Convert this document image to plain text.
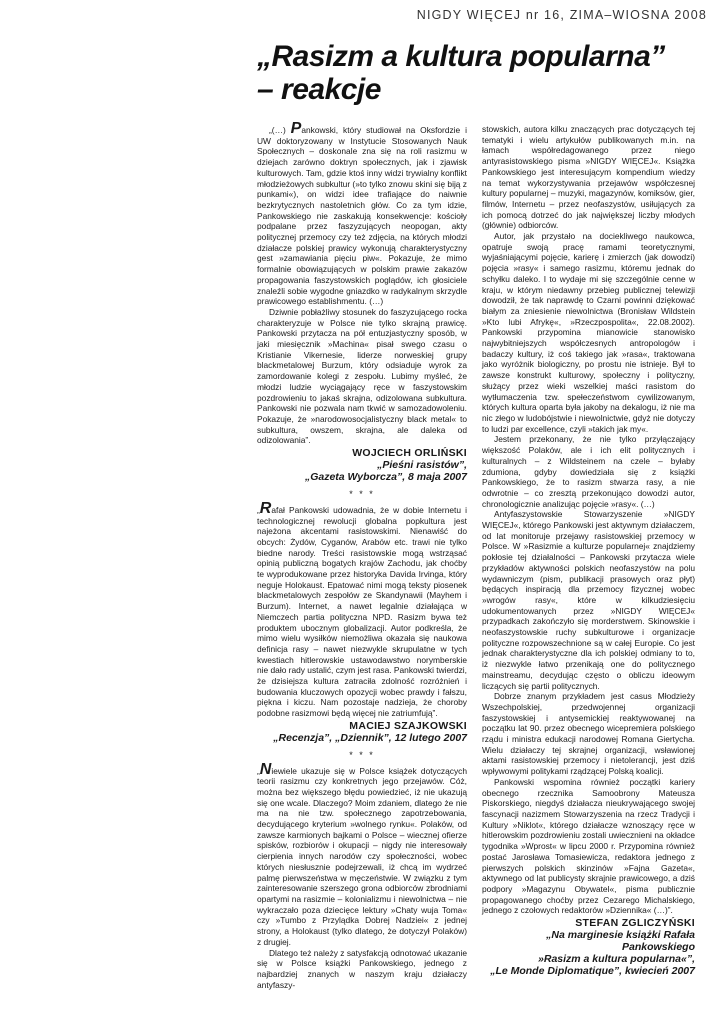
NIGDY WIĘCEJ nr 16, ZIMA–WIOSNA 2008
„Rasizm a kultura popularna”
– reakcje

„(…) Pankowski, który studiował na Oksfordzie i UW doktoryzowany w Instytucie Stosowanych Nauk Społecznych – doskonale zna się na roli rasizmu w dziejach zarówno doktryn społecznych, jak i zjawisk kulturowych. Tam, gdzie ktoś inny widzi trywialny konflikt młodzieżowych subkultur (»to tylko znowu skini się biją z punkami«), on widzi idee trafiające do naiwnie bezkrytycznych nastoletnich głów. Co za tym idzie, Pankowskiego nie zaskakują konsekwencje: kościoły podpalane przez faszyzujących neopogan, akty politycznej przemocy czy też zdjęcia, na których młodzi działacze polskiej prawicy wykonują charakterystyczny gest »zamawiania pięciu piw«. Pokazuje, że mimo formalnie obowiązujących w polskim prawie zakazów propagowania faszystowskich poglądów, ich głosiciele znaleźli sobie wygodne gniazdko w radykalnym skrzydle prawicowego establishmentu. (…)

Dziwnie pobłażliwy stosunek do faszyzującego rocka charakteryzuje w Polsce nie tylko skrajną prawicę. Pankowski przytacza na pół entuzjastyczny sposób, w jaki miesięcznik »Machina« pisał swego czasu o Kristianie Vikernesie, liderze norweskiej grupy blackmetalowej Burzum, który odsiaduje wyrok za zamordowanie kolegi z zespołu. Lubimy myśleć, że młodzi ludzie wyciągający ręce w faszystowskim pozdrowieniu to jakaś skrajna, odizolowana subkultura. Pankowski nie pozwala nam tkwić w samozadowoleniu. Pokazuje, że »narodowosocjalistyczny black metal« to subkultura, owszem, skrajna, ale daleka od odizolowania”.

WOJCIECH ORLIŃSKI
„Pieśni rasistów”,
„Gazeta Wyborcza”, 8 maja 2007
* * *

„Rafał Pankowski udowadnia, że w dobie Internetu i technologicznej rewolucji globalna popkultura jest najeżona akcentami rasistowskimi. Nienawiść do obcych: Żydów, Cyganów, Arabów etc. trawi nie tylko biedne narody. Treści rasistowskie mogą wstrząsać opinią publiczną bogatych krajów Zachodu, jak choćby te wyprodukowane przez historyka Davida Irvinga, który neguje Holokaust. Epatować nimi mogą teksty piosenek blackmetalowych zespołów ze Skandynawii (Mayhem i Burzum). Internet, a nawet legalnie działająca w Niemczech partia polityczna NPD. Rasizm bywa też produktem ubocznym globalizacji. Autor podkreśla, że mimo wielu wysiłków niemożliwa okazała się naukowa definicja rasy – nawet niezwykle skrupulatne w tych kwestiach hitlerowskie ustawodawstwo norymberskie nie dało rady ustalić, czym jest rasa. Pankowski twierdzi, że dzisiejsza kultura zatraciła zdolność rozróżnień i budowania kluczowych opozycji wobec prawdy i fałszu, piękna i kiczu. Nam pozostaje nadzieja, że choroby podobne rasizmowi będą więcej nie zatriumfują”.

MACIEJ SZAJKOWSKI
„Recenzja”, „Dziennik”, 12 lutego 2007
* * *

„Niewiele ukazuje się w Polsce książek dotyczących teorii rasizmu czy konkretnych jego przejawów. Cóż, można bez większego błędu powiedzieć, iż nie ukazują się one wcale. Dlaczego? Moim zdaniem, dlatego że nie ma na nie tzw. społecznego zapotrzebowania, decydującego kryterium »wolnego rynku«. Polaków, od zawsze karmionych bajkami o Polsce – wiecznej ofierze spisków, rozbiorów i okupacji – nigdy nie interesowały cierpienia innych narodów czy społeczności, wobec których niesłusznie podejrzewali, iż chcą im wydrzeć palmę pierwszeństwa w męczeństwie. W związku z tym zainteresowanie szerszego grona odbiorców zbrodniami opartymi na rasizmie – kolonializmu i niewolnictwa – nie wykraczało poza dziecięce lektury »Chaty wuja Toma« czy »Tumbo z Przylądka Dobrej Nadziei« z jednej strony, a Holokaust (tylko dlatego, że dotyczył Polaków) z drugiej.

Dlatego też należy z satysfakcją odnotować ukazanie się w Polsce książki Pankowskiego, jednego z najbardziej znanych w naszym kraju działaczy antyfaszy-

stowskich, autora kilku znaczących prac dotyczących tej tematyki i wielu artykułów publikowanych m.in. na łamach współredagowanego przez niego antyrasistowskiego pisma »NIGDY WIĘCEJ«. Książka Pankowskiego jest interesującym kompendium wiedzy na temat wykorzystywania przejawów współczesnej kultury popularnej – muzyki, magazynów, komiksów, gier, filmów, Internetu – przez neofaszystów, usiłujących za ich pomocą dotrzeć do jak największej liczby młodych (głównie) odbiorców.

Autor, jak przystało na dociekliwego naukowca, opatruje swoją pracę ramami teoretycznymi, wyjaśniającymi pojęcie, karierę i zmierzch (jak dowodzi) pojęcia »rasy« i samego rasizmu, któremu jednak do schyłku daleko. I to wydaje mi się szczególnie cenne w kraju, w którym niedawny przebieg publicznej telewizji dowodził, że tak naprawdę to Czarni powinni dziękować białym za zniesienie niewolnictwa (Bronisław Wildstein »Kto lubi Afrykę«, »Rzeczpospolita«, 22.08.2002). Pankowski przypomina mianowicie stanowisko najwybitniejszych współczesnych antropologów i badaczy kultury, iż coś takiego jak »rasa«, traktowana jako wyróżnik biologiczny, po prostu nie istnieje. Był to zawsze konstrukt kulturowy, społeczny i polityczny, służący przez wieki wszelkiej maści rasistom do wytłumaczenia tzw. spełeczeństwom cywilizowanym, których kultura oparta była jakoby na dekalogu, iż nie ma nic złego w ludobójstwie i niewolnictwie, gdyż nie dotyczy to ludzi par excellence, czyli »takich jak my«.

Jestem przekonany, że nie tylko przyłączający większość Polaków, ale i ich elit politycznych i kulturalnych – z Wildsteinem na czele – byłaby zdumiona, gdyby dowiedziała się z książki Pankowskiego, że to rasizm stwarza rasy, a nie odwrotnie – co zresztą przekonująco dowodzi autor, chronologicznie analizując pojęcie »rasy«. (…)

Antyfaszystowskie Stowarzyszenie »NIGDY WIĘCEJ«, którego Pankowski jest aktywnym działaczem, od lat monitoruje przejawy rasistowskiej przemocy w Polsce. W »Rasizmie a kulturze popularnej« znajdziemy pokłosie tej działalności – Pankowski przytacza wiele przykładów aktywności polskich neofaszystów na polu wydawniczym (pism, publikacji prasowych oraz płyt) będących inspiracją dla przemocy fizycznej wobec »wrogów rasy«, które w kilkudziesięciu udokumentowanych przez »NIGDY WIĘCEJ« przypadkach zakończyło się morderstwem. Skinowskie i neofaszystowskie ruchy subkulturowe i organizacje polityczne rozpowszechnione są w całej Europie. Co jest jednak charakterystyczne dla ich polskiej odmiany to to, iż niezwykle łatwo przenikają one do politycznego mainstreamu, decydując często o obliczu ideowym liczących się partii politycznych.

Dobrze znanym przykładem jest casus Młodzieży Wszechpolskiej, przedwojennej organizacji faszystowskiej i antysemickiej reaktywowanej na początku lat 90. przez obecnego wicepremiera polskiego rządu i ministra edukacji narodowej Romana Giertycha. Wielu działaczy tej skrajnej organizacji, wsławionej aktami rasistowskiej przemocy i nietolerancji, jest dziś wpływowymi politykami rządzącej Polską koalicji.

Pankowski wspomina również początki kariery obecnego rzecznika Samoobrony Mateusza Piskorskiego, niegdyś działacza nieukrywającego swojej fascynacji nazizmem Stowarzyszenia na rzecz Tradycji i Kultury »Niklot«, którego działacze wznoszący ręce w hitlerowskim pozdrowieniu zostali uwiecznieni na okładce tygodnika »Wprost« w lipcu 2000 r. Przypomina również postać Jarosława Tomasiewicza, redaktora jednego z pierwszych polskich skinzinów »Fajna Gazeta«, aktywnego od lat publicysty skrajnie prawicowego, a dziś podpory »Magazynu Obywatel«, pisma publicznie propagowanego choćby przez Cezarego Michalskiego, jednego z czołowych redaktorów »Dziennika« (…)”.

STEFAN ZGLICZYŃSKI
„Na marginesie książki Rafała Pankowskiego
»Rasizm a kultura popularna«”,
„Le Monde Diplomatique”, kwiecień 2007
